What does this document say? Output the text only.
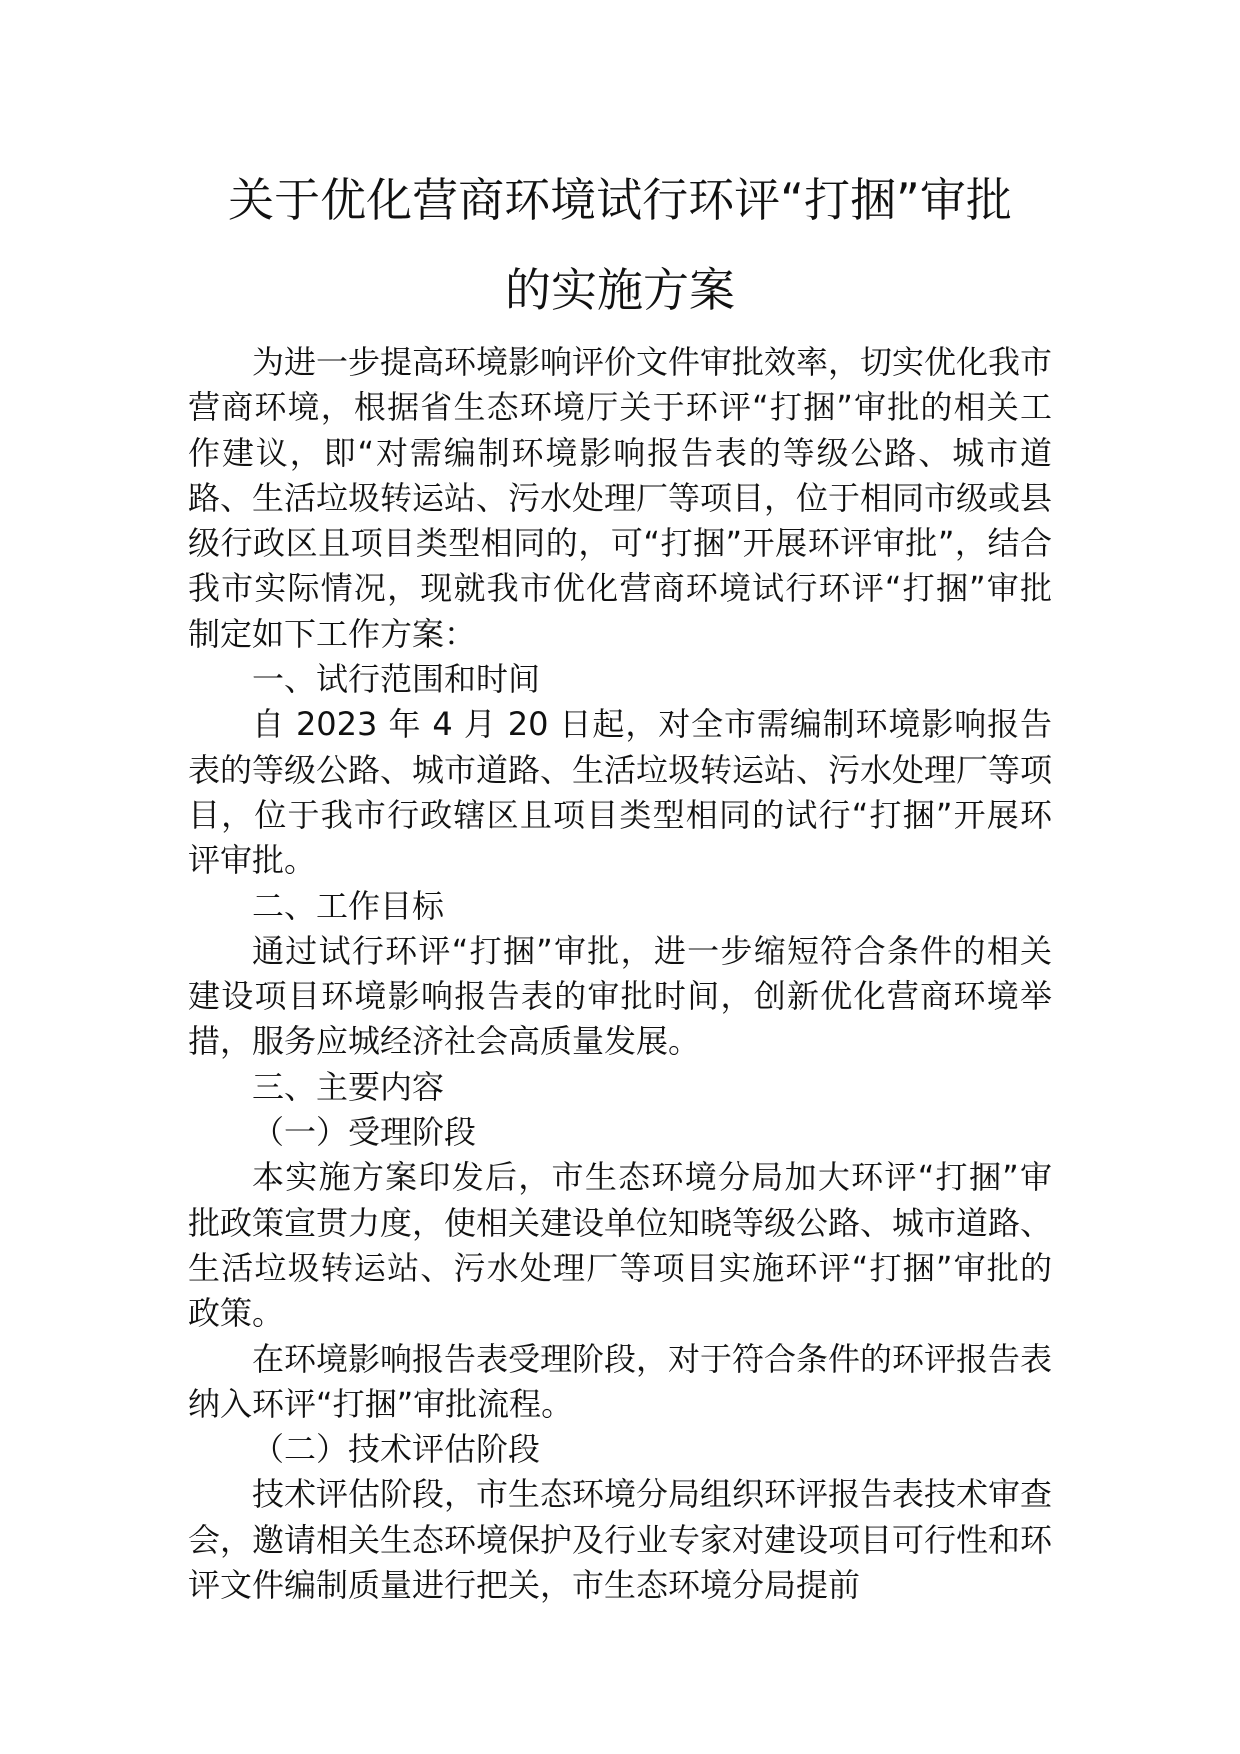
关于优化营商环境试行环评“打捆”审批
的实施方案

为进一步提高环境影响评价文件审批效率，切实优化我市营商环境，根据省生态环境厅关于环评“打捆”审批的相关工作建议，即“对需编制环境影响报告表的等级公路、城市道路、生活垃圾转运站、污水处理厂等项目，位于相同市级或县级行政区且项目类型相同的，可“打捆”开展环评审批”，结合我市实际情况，现就我市优化营商环境试行环评“打捆”审批制定如下工作方案：

一、试行范围和时间

自 2023 年 4 月 20 日起，对全市需编制环境影响报告表的等级公路、城市道路、生活垃圾转运站、污水处理厂等项目，位于我市行政辖区且项目类型相同的试行“打捆”开展环评审批。

二、工作目标

通过试行环评“打捆”审批，进一步缩短符合条件的相关建设项目环境影响报告表的审批时间，创新优化营商环境举措，服务应城经济社会高质量发展。

三、主要内容

（一）受理阶段

本实施方案印发后，市生态环境分局加大环评“打捆”审批政策宣贯力度，使相关建设单位知晓等级公路、城市道路、生活垃圾转运站、污水处理厂等项目实施环评“打捆”审批的政策。

在环境影响报告表受理阶段，对于符合条件的环评报告表纳入环评“打捆”审批流程。

（二）技术评估阶段

技术评估阶段，市生态环境分局组织环评报告表技术审查会，邀请相关生态环境保护及行业专家对建设项目可行性和环评文件编制质量进行把关，市生态环境分局提前
